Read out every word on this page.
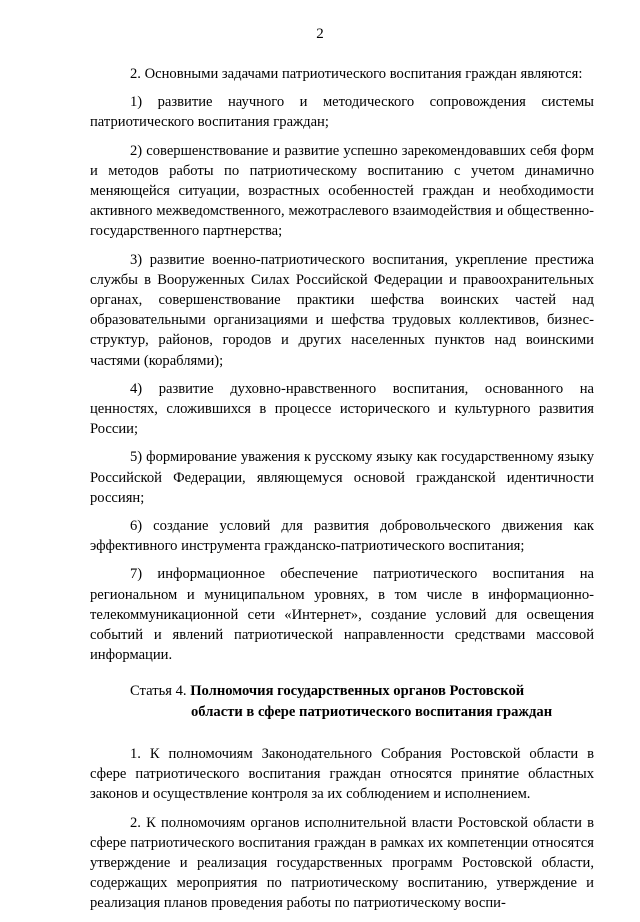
2

2. Основными задачами патриотического воспитания граждан являются:

1) развитие научного и методического сопровождения системы патриотического воспитания граждан;

2) совершенствование и развитие успешно зарекомендовавших себя форм и методов работы по патриотическому воспитанию с учетом динамично меняющейся ситуации, возрастных особенностей граждан и необходимости активного межведомственного, межотраслевого взаимодействия и общественно-государственного партнерства;

3) развитие военно-патриотического воспитания, укрепление престижа службы в Вооруженных Силах Российской Федерации и правоохранительных органах, совершенствование практики шефства воинских частей над образовательными организациями и шефства трудовых коллективов, бизнес-структур, районов, городов и других населенных пунктов над воинскими частями (кораблями);

4) развитие духовно-нравственного воспитания, основанного на ценностях, сложившихся в процессе исторического и культурного развития России;

5) формирование уважения к русскому языку как государственному языку Российской Федерации, являющемуся основой гражданской идентичности россиян;

6) создание условий для развития добровольческого движения как эффективного инструмента гражданско-патриотического воспитания;

7) информационное обеспечение патриотического воспитания на региональном и муниципальном уровнях, в том числе в информационно-телекоммуникационной сети «Интернет», создание условий для освещения событий и явлений патриотической направленности средствами массовой информации.

Статья 4. Полномочия государственных органов Ростовской
области в сфере патриотического воспитания граждан

1. К полномочиям Законодательного Собрания Ростовской области в сфере патриотического воспитания граждан относятся принятие областных законов и осуществление контроля за их соблюдением и исполнением.

2. К полномочиям органов исполнительной власти Ростовской области в сфере патриотического воспитания граждан в рамках их компетенции относятся утверждение и реализация государственных программ Ростовской области, содержащих мероприятия по патриотическому воспитанию, утверждение и реализация планов проведения работы по патриотическому воспи-
